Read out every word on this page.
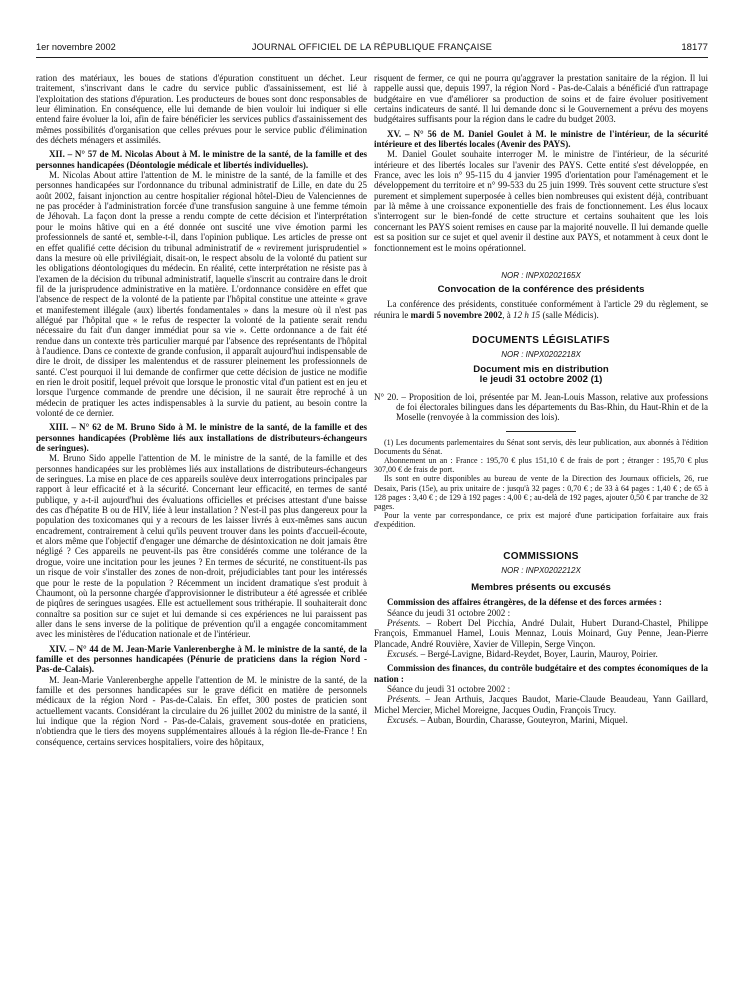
1er novembre 2002	JOURNAL OFFICIEL DE LA RÉPUBLIQUE FRANÇAISE	18177

ration des matériaux, les boues de stations d'épuration constituent un déchet. Leur traitement, s'inscrivant dans le cadre du service public d'assainissement, est lié à l'exploitation des stations d'épuration. Les producteurs de boues sont donc responsables de leur élimination. En conséquence, elle lui demande de bien vouloir lui indiquer si elle entend faire évoluer la loi, afin de faire bénéficier les services publics d'assainissement des mêmes possibilités d'organisation que celles prévues pour le service public d'élimination des déchets ménagers et assimilés.

XII. – N° 57 de M. Nicolas About à M. le ministre de la santé, de la famille et des personnes handicapées (Déontologie médicale et libertés individuelles).

M. Nicolas About attire l'attention de M. le ministre de la santé, de la famille et des personnes handicapées sur l'ordonnance du tribunal administratif de Lille, en date du 25 août 2002, faisant injonction au centre hospitalier régional hôtel-Dieu de Valenciennes de ne pas procéder à l'administration forcée d'une transfusion sanguine à une femme témoin de Jéhovah. La façon dont la presse a rendu compte de cette décision et l'interprétation pour le moins hâtive qui en a été donnée ont suscité une vive émotion parmi les professionnels de santé et, semble-t-il, dans l'opinion publique. Les articles de presse ont en effet qualifié cette décision du tribunal administratif de « revirement jurisprudentiel » dans la mesure où elle privilégiait, disait-on, le respect absolu de la volonté du patient sur les obligations déontologiques du médecin. En réalité, cette interprétation ne résiste pas à l'examen de la décision du tribunal administratif, laquelle s'inscrit au contraire dans le droit fil de la jurisprudence administrative en la matière. L'ordonnance considère en effet que l'absence de respect de la volonté de la patiente par l'hôpital constitue une atteinte « grave et manifestement illégale (aux) libertés fondamentales » dans la mesure où il n'est pas allégué par l'hôpital que « le refus de respecter la volonté de la patiente serait rendu nécessaire du fait d'un danger immédiat pour sa vie ». Cette ordonnance a de fait été rendue dans un contexte très particulier marqué par l'absence des représentants de l'hôpital à l'audience. Dans ce contexte de grande confusion, il apparaît aujourd'hui indispensable de dire le droit, de dissiper les malentendus et de rassurer pleinement les professionnels de santé. C'est pourquoi il lui demande de confirmer que cette décision de justice ne modifie en rien le droit positif, lequel prévoit que lorsque le pronostic vital d'un patient est en jeu et lorsque l'urgence commande de prendre une décision, il ne saurait être reproché à un médecin de pratiquer les actes indispensables à la survie du patient, au besoin contre la volonté de ce dernier.

XIII. – N° 62 de M. Bruno Sido à M. le ministre de la santé, de la famille et des personnes handicapées (Problème liés aux installations de distributeurs-échangeurs de seringues).

M. Bruno Sido appelle l'attention de M. le ministre de la santé, de la famille et des personnes handicapées sur les problèmes liés aux installations de distributeurs-échangeurs de seringues. La mise en place de ces appareils soulève deux interrogations principales par rapport à leur efficacité et à la sécurité. Concernant leur efficacité, en termes de santé publique, y a-t-il aujourd'hui des évaluations officielles et précises attestant d'une baisse des cas d'hépatite B ou de HIV, liée à leur installation ? N'est-il pas plus dangereux pour la population des toxicomanes qui y a recours de les laisser livrés à eux-mêmes sans aucun encadrement, contrairement à celui qu'ils peuvent trouver dans les points d'accueil-écoute, et alors même que l'objectif d'engager une démarche de désintoxication ne doit jamais être négligé ? Ces appareils ne peuvent-ils pas être considérés comme une tolérance de la drogue, voire une incitation pour les jeunes ? En termes de sécurité, ne constituent-ils pas un risque de voir s'installer des zones de non-droit, préjudiciables tant pour les intéressés que pour le reste de la population ? Récemment un incident dramatique s'est produit à Chaumont, où la personne chargée d'approvisionner le distributeur a été agressée et criblée de piqûres de seringues usagées. Elle est actuellement sous trithérapie. Il souhaiterait donc connaître sa position sur ce sujet et lui demande si ces expériences ne lui paraissent pas aller dans le sens inverse de la politique de prévention qu'il a engagée concomitamment avec les ministères de l'éducation nationale et de l'intérieur.

XIV. – N° 44 de M. Jean-Marie Vanlerenberghe à M. le ministre de la santé, de la famille et des personnes handicapées (Pénurie de praticiens dans la région Nord - Pas-de-Calais).

M. Jean-Marie Vanlerenberghe appelle l'attention de M. le ministre de la santé, de la famille et des personnes handicapées sur le grave déficit en matière de personnels médicaux de la région Nord - Pas-de-Calais. En effet, 300 postes de praticien sont actuellement vacants. Considérant la circulaire du 26 juillet 2002 du ministre de la santé, il lui indique que la région Nord - Pas-de-Calais, gravement sous-dotée en praticiens, n'obtiendra que le tiers des moyens supplémentaires alloués à la région Ile-de-France ! En conséquence, certains services hospitaliers, voire des hôpitaux,

risquent de fermer, ce qui ne pourra qu'aggraver la prestation sanitaire de la région. Il lui rappelle aussi que, depuis 1997, la région Nord - Pas-de-Calais a bénéficié d'un rattrapage budgétaire en vue d'améliorer sa production de soins et de faire évoluer positivement certains indicateurs de santé. Il lui demande donc si le Gouvernement a prévu des moyens budgétaires suffisants pour la région dans le cadre du budget 2003.

XV. – N° 56 de M. Daniel Goulet à M. le ministre de l'intérieur, de la sécurité intérieure et des libertés locales (Avenir des PAYS).

M. Daniel Goulet souhaite interroger M. le ministre de l'intérieur, de la sécurité intérieure et des libertés locales sur l'avenir des PAYS. Cette entité s'est développée, en France, avec les lois n° 95-115 du 4 janvier 1995 d'orientation pour l'aménagement et le développement du territoire et n° 99-533 du 25 juin 1999. Très souvent cette structure s'est purement et simplement superposée à celles bien nombreuses qui existent déjà, contribuant par là même à une croissance exponentielle des frais de fonctionnement. Les élus locaux s'interrogent sur le bien-fondé de cette structure et certains souhaitent que les lois concernant les PAYS soient remises en cause par la majorité nouvelle. Il lui demande quelle est sa position sur ce sujet et quel avenir il destine aux PAYS, et notamment à ceux dont le fonctionnement est le moins opérationnel.

NOR : INPX0202165X
Convocation de la conférence des présidents

La conférence des présidents, constituée conformément à l'article 29 du règlement, se réunira le mardi 5 novembre 2002, à 12 h 15 (salle Médicis).

DOCUMENTS LÉGISLATIFS
NOR : INPX0202218X
Document mis en distribution
le jeudi 31 octobre 2002 (1)

N° 20. – Proposition de loi, présentée par M. Jean-Louis Masson, relative aux professions de foi électorales bilingues dans les départements du Bas-Rhin, du Haut-Rhin et de la Moselle (renvoyée à la commission des lois).

(1) Les documents parlementaires du Sénat sont servis, dès leur publication, aux abonnés à l'édition Documents du Sénat.

Abonnement un an : France : 195,70 € plus 151,10 € de frais de port ; étranger : 195,70 € plus 307,00 € de frais de port.

Ils sont en outre disponibles au bureau de vente de la Direction des Journaux officiels, 26, rue Desaix, Paris (15e), au prix unitaire de : jusqu'à 32 pages : 0,70 € ; de 33 à 64 pages : 1,40 € ; de 65 à 128 pages : 3,40 € ; de 129 à 192 pages : 4,00 € ; au-delà de 192 pages, ajouter 0,50 € par tranche de 32 pages.

Pour la vente par correspondance, ce prix est majoré d'une participation forfaitaire aux frais d'expédition.

COMMISSIONS
NOR : INPX0202212X
Membres présents ou excusés

Commission des affaires étrangères, de la défense et des forces armées :

Séance du jeudi 31 octobre 2002 :

Présents. – Robert Del Picchia, André Dulait, Hubert Durand-Chastel, Philippe François, Emmanuel Hamel, Louis Mennaz, Louis Moinard, Guy Penne, Jean-Pierre Plancade, André Rouvière, Xavier de Villepin, Serge Vinçon.

Excusés. – Bergé-Lavigne, Bidard-Reydet, Boyer, Laurin, Mauroy, Poirier.

Commission des finances, du contrôle budgétaire et des comptes économiques de la nation :

Séance du jeudi 31 octobre 2002 :

Présents. – Jean Arthuis, Jacques Baudot, Marie-Claude Beaudeau, Yann Gaillard, Michel Mercier, Michel Moreigne, Jacques Oudin, François Trucy.

Excusés. – Auban, Bourdin, Charasse, Gouteyron, Marini, Miquel.
